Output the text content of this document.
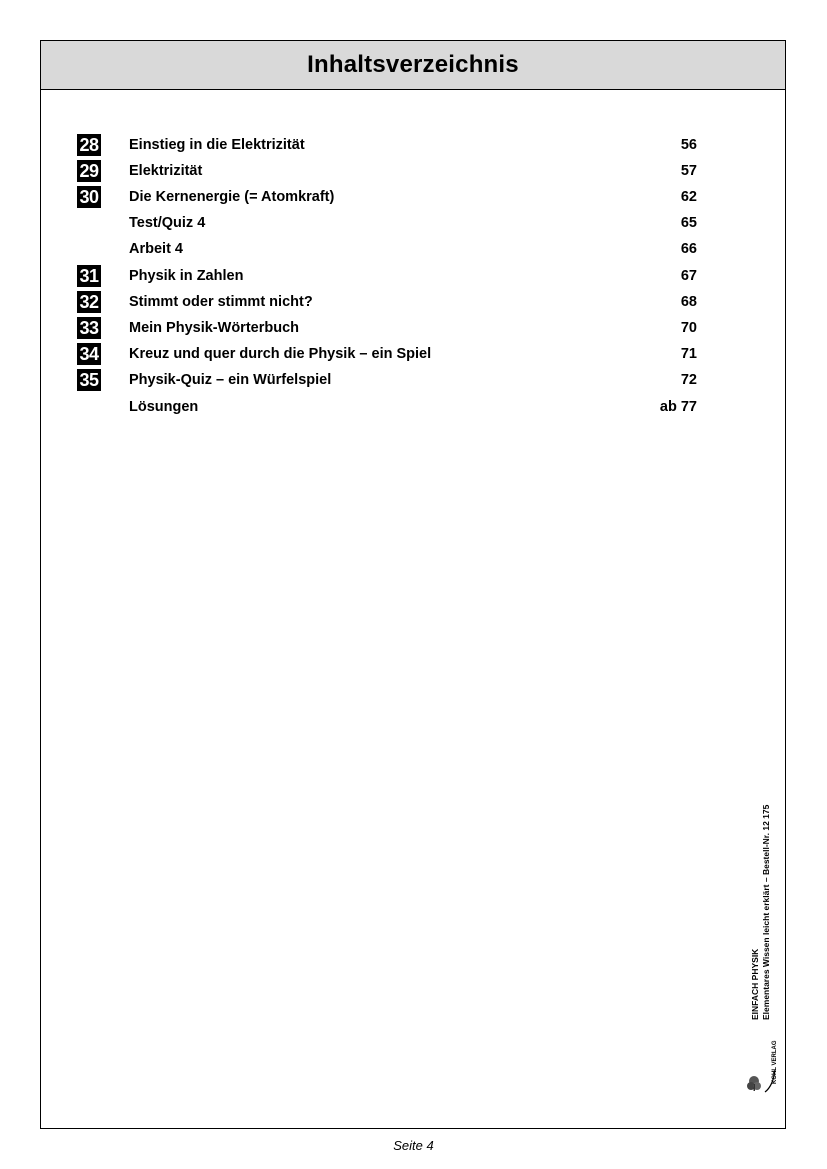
Inhaltsverzeichnis
28 Einstieg in die Elektrizität	56
29 Elektrizität	57
30 Die Kernenergie (= Atomkraft)	62
Test/Quiz 4	65
Arbeit 4	66
31 Physik in Zahlen	67
32 Stimmt oder stimmt nicht?	68
33 Mein Physik-Wörterbuch	70
34 Kreuz und quer durch die Physik – ein Spiel	71
35 Physik-Quiz – ein Würfelspiel	72
Lösungen	ab 77
EINFACH PHYSIK Elementares Wissen leicht erklärt – Bestell-Nr. 12 175
KOHL VERLAG
Seite 4
